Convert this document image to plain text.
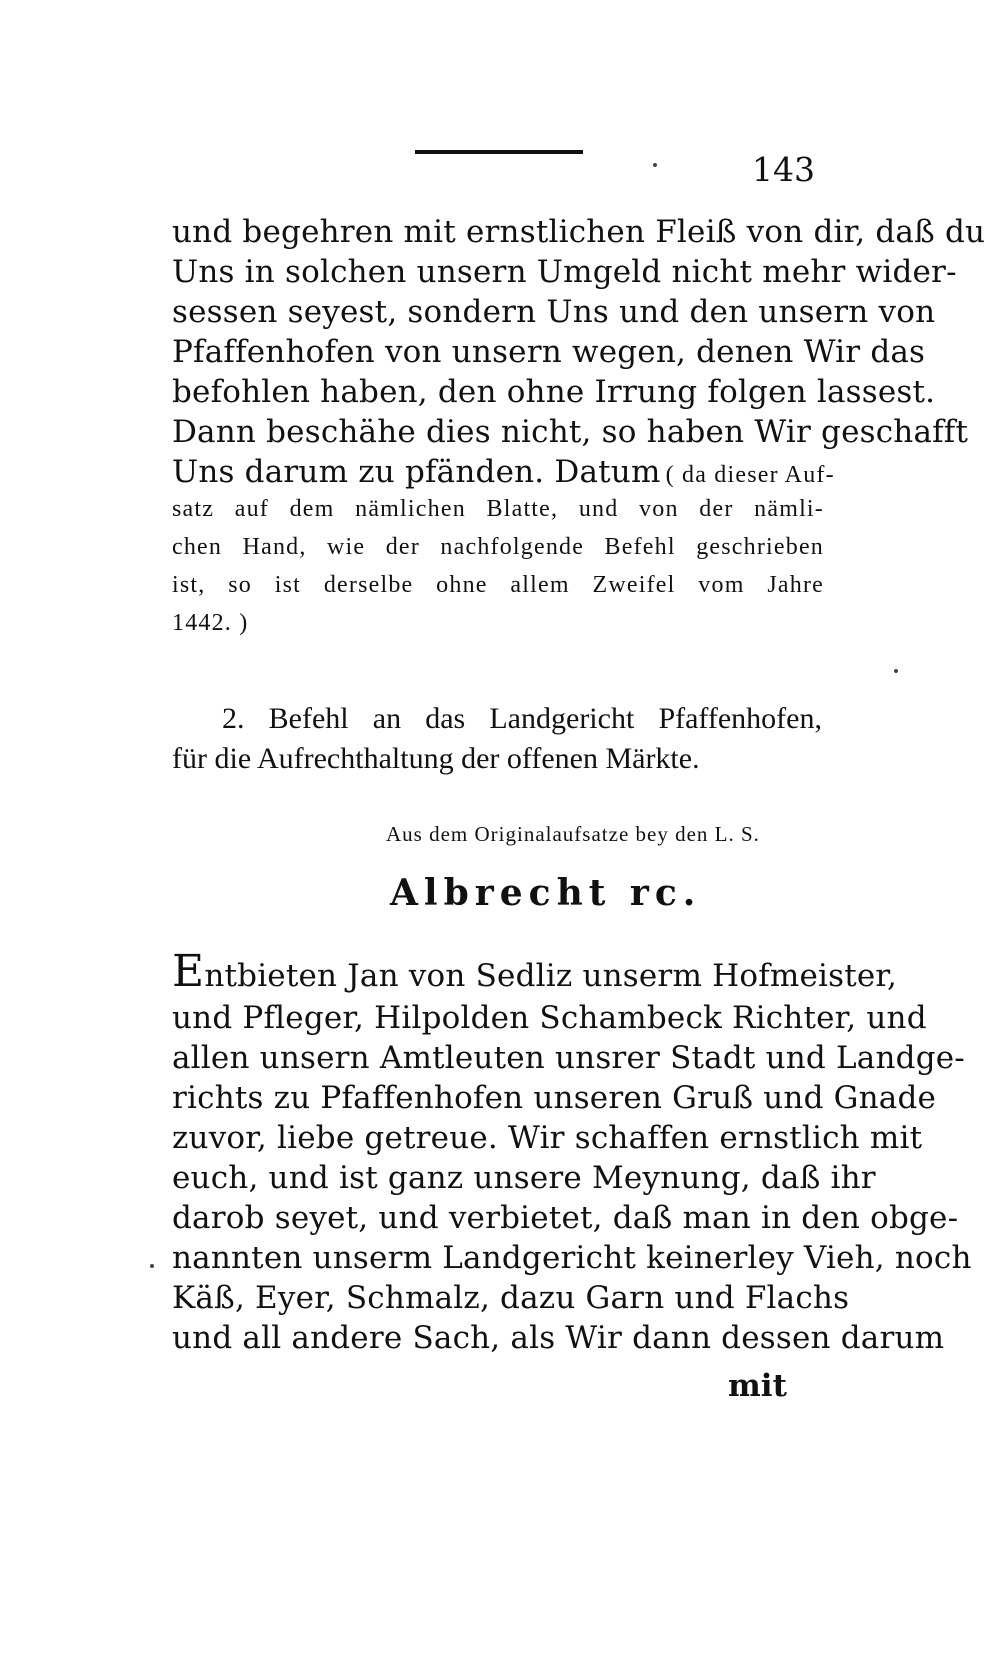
143
und begehren mit ernstlichen Fleiß von dir, daß du
Uns in solchen unsern Umgeld nicht mehr wider-
sessen seyest, sondern Uns und den unsern von
Pfaffenhofen von unsern wegen, denen Wir das
befohlen haben, den ohne Irrung folgen lassest.
Dann beschähe dies nicht, so haben Wir geschafft
Uns darum zu pfänden. Datum ( da dieser Auf-
satz auf dem nämlichen Blatte, und von der nämli-
chen Hand, wie der nachfolgende Befehl geschrieben
ist, so ist derselbe ohne allem Zweifel vom Jahre
1442. )
2. Befehl an das Landgericht Pfaffenhofen,
für die Aufrechthaltung der offenen Märkte.
Aus dem Originalaufsatze bey den L. S.
Albrecht rc.
Entbieten Jan von Sedliz unserm Hofmeister,
und Pfleger, Hilpolden Schambeck Richter, und
allen unsern Amtleuten unsrer Stadt und Landge-
richts zu Pfaffenhofen unseren Gruß und Gnade
zuvor, liebe getreue. Wir schaffen ernstlich mit
euch, und ist ganz unsere Meynung, daß ihr
darob seyet, und verbietet, daß man in den obge-
nannten unserm Landgericht keinerley Vieh, noch
Käß, Eyer, Schmalz, dazu Garn und Flachs
und all andere Sach, als Wir dann dessen darum
mit
